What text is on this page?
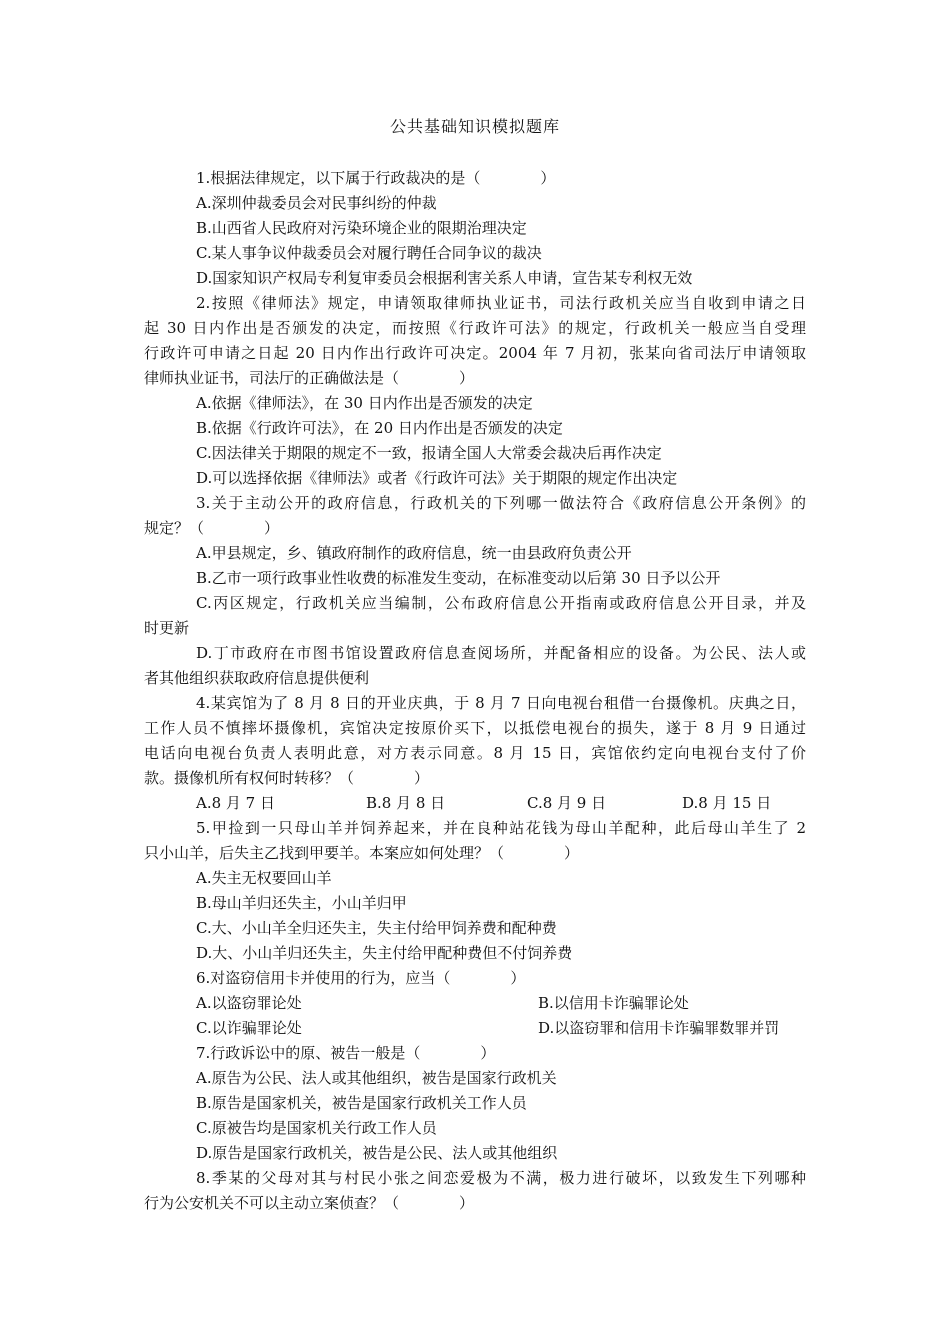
公共基础知识模拟题库
1.根据法律规定，以下属于行政裁决的是（　　　　）
A.深圳仲裁委员会对民事纠纷的仲裁
B.山西省人民政府对污染环境企业的限期治理决定
C.某人事争议仲裁委员会对履行聘任合同争议的裁决
D.国家知识产权局专利复审委员会根据利害关系人申请，宣告某专利权无效
2.按照《律师法》规定，申请领取律师执业证书，司法行政机关应当自收到申请之日
起 30 日内作出是否颁发的决定，而按照《行政许可法》的规定，行政机关一般应当自受理
行政许可申请之日起 20 日内作出行政许可决定。2004 年 7 月初，张某向省司法厅申请领取
律师执业证书，司法厅的正确做法是（　　　　）
A.依据《律师法》，在 30 日内作出是否颁发的决定
B.依据《行政许可法》，在 20 日内作出是否颁发的决定
C.因法律关于期限的规定不一致，报请全国人大常委会裁决后再作决定
D.可以选择依据《律师法》或者《行政许可法》关于期限的规定作出决定
3.关于主动公开的政府信息，行政机关的下列哪一做法符合《政府信息公开条例》的
规定？（　　　　）
A.甲县规定，乡、镇政府制作的政府信息，统一由县政府负责公开
B.乙市一项行政事业性收费的标准发生变动，在标准变动以后第 30 日予以公开
C.丙区规定，行政机关应当编制，公布政府信息公开指南或政府信息公开目录，并及
时更新
D.丁市政府在市图书馆设置政府信息查阅场所，并配备相应的设备。为公民、法人或
者其他组织获取政府信息提供便利
4.某宾馆为了 8 月 8 日的开业庆典，于 8 月 7 日向电视台租借一台摄像机。庆典之日，
工作人员不慎摔坏摄像机，宾馆决定按原价买下，以抵偿电视台的损失，遂于 8 月 9 日通过
电话向电视台负责人表明此意，对方表示同意。8 月 15 日，宾馆依约定向电视台支付了价
款。摄像机所有权何时转移？（　　　　）
A.8 月 7 日	B.8 月 8 日	C.8 月 9 日	D.8 月 15 日
5.甲捡到一只母山羊并饲养起来，并在良种站花钱为母山羊配种，此后母山羊生了 2
只小山羊，后失主乙找到甲要羊。本案应如何处理？（　　　　）
A.失主无权要回山羊
B.母山羊归还失主，小山羊归甲
C.大、小山羊全归还失主，失主付给甲饲养费和配种费
D.大、小山羊归还失主，失主付给甲配种费但不付饲养费
6.对盗窃信用卡并使用的行为，应当（　　　　）
A.以盗窃罪论处	B.以信用卡诈骗罪论处
C.以诈骗罪论处	D.以盗窃罪和信用卡诈骗罪数罪并罚
7.行政诉讼中的原、被告一般是（　　　　）
A.原告为公民、法人或其他组织，被告是国家行政机关
B.原告是国家机关，被告是国家行政机关工作人员
C.原被告均是国家机关行政工作人员
D.原告是国家行政机关，被告是公民、法人或其他组织
8.季某的父母对其与村民小张之间恋爱极为不满，极力进行破坏，以致发生下列哪种
行为公安机关不可以主动立案侦查？（　　　　）
